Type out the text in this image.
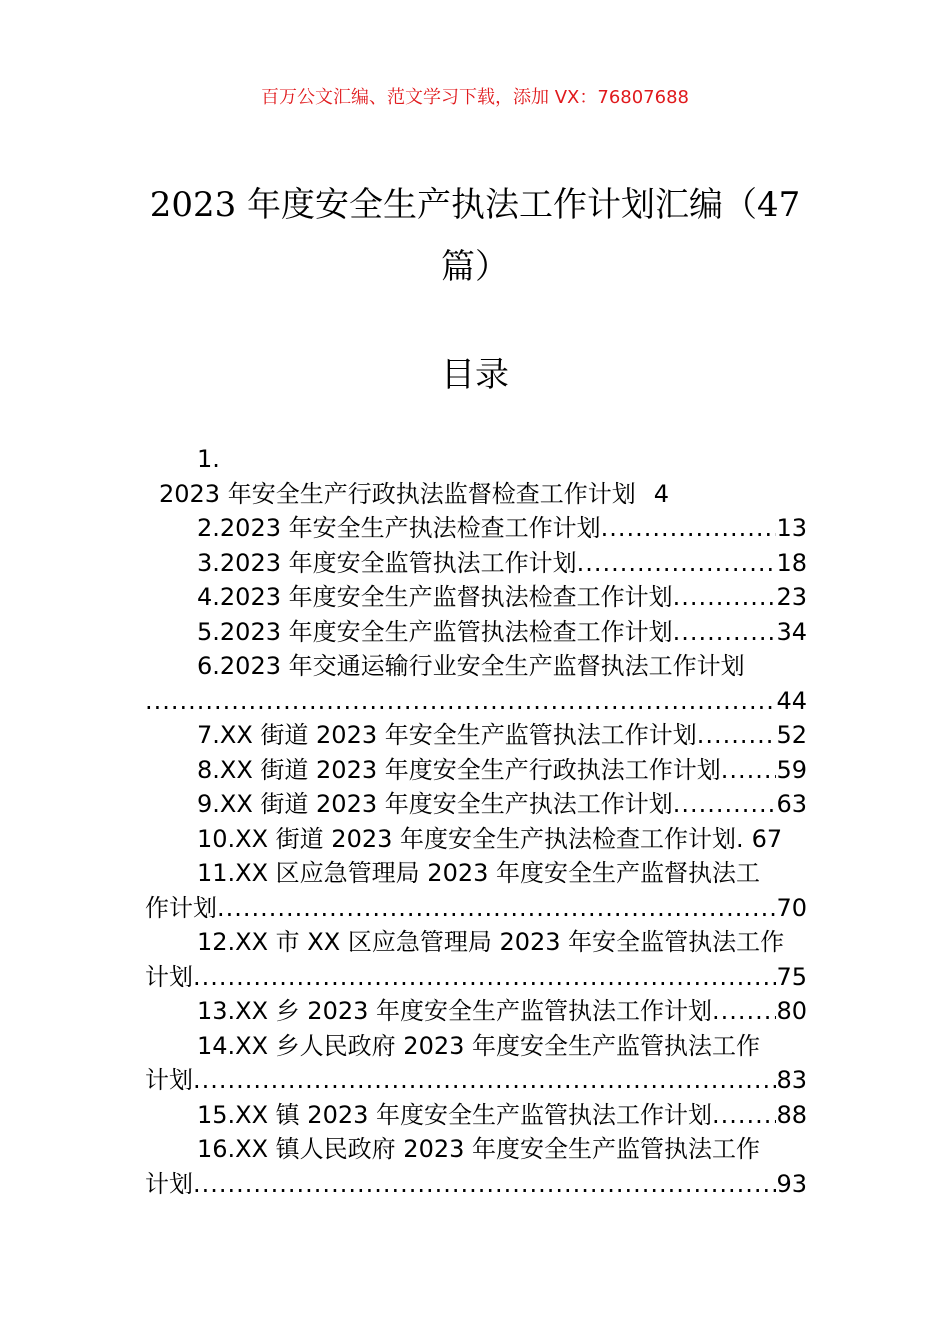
百万公文汇编、范文学习下载，添加 VX：76807688
2023 年度安全生产执法工作计划汇编（47
篇）
目录
1.
2023 年安全生产行政执法监督检查工作计划 4
2.2023 年安全生产执法检查工作计划 .....	13
3.2023 年度安全监管执法工作计划 .....	18
4.2023 年度安全生产监督执法检查工作计划 .....	23
5.2023 年度安全生产监管执法检查工作计划 .....	34
6.2023 年交通运输行业安全生产监督执法工作计划
.....
44
7.XX 街道 2023 年安全生产监管执法工作计划 .....	52
8.XX 街道 2023 年度安全生产行政执法工作计划 ..... 59
9.XX 街道 2023 年度安全生产执法工作计划 .....	63
10.XX 街道 2023 年度安全生产执法检查工作计划. 67
11.XX 区应急管理局 2023 年度安全生产监督执法工
作计划 .....	70
12.XX 市 XX 区应急管理局 2023 年安全监管执法工作
计划 .....	75
13.XX 乡 2023 年度安全生产监管执法工作计划 .....	80
14.XX 乡人民政府 2023 年度安全生产监管执法工作
计划 .....	83
15.XX 镇 2023 年度安全生产监管执法工作计划 .....	88
16.XX 镇人民政府 2023 年度安全生产监管执法工作
计划 .....	93
